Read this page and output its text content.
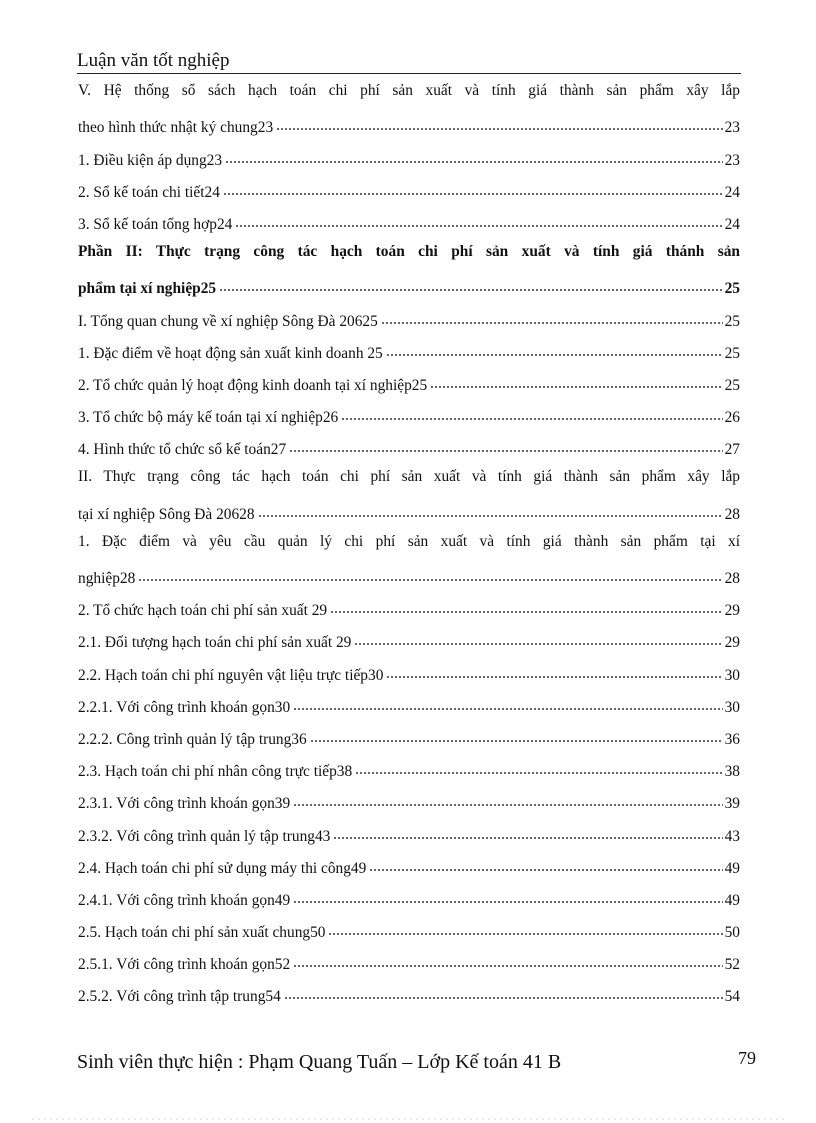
Luận văn tốt nghiệp
V. Hệ thống sổ sách hạch toán chi phí sản xuất và tính giá thành sản phẩm xây lắp
theo hình thức nhật ký chung23	23
1. Điều kiện áp dụng23	23
2. Sổ kế toán chi tiết24	24
3. Sổ kế toán tổng hợp24	24
Phần II: Thực trạng công tác hạch toán chi phí sản xuất và tính giá thánh sản
phẩm tại xí nghiệp25	25
I. Tổng quan chung về xí nghiệp Sông Đà 20625	25
1. Đặc điểm về hoạt động sản xuất kinh doanh 25	25
2. Tổ chức quản lý hoạt động kinh doanh tại xí nghiệp25	25
3. Tổ chức bộ máy kế toán tại xí nghiệp26	26
4. Hình thức tổ chức sổ kế toán27	27
II. Thực trạng công tác hạch toán chi phí sản xuất và tính giá thành sản phẩm xây lắp
tại xí nghiệp Sông Đà 20628	28
1. Đặc điểm và yêu cầu quản lý chi phí sản xuất và tính giá thành sản phẩm tại xí
nghiệp28	28
2. Tổ chức hạch toán chi phí sản xuất 29	29
2.1. Đối tượng hạch toán chi phí sản xuất 29	29
2.2. Hạch toán chi phí nguyên vật liệu trực tiếp30	30
2.2.1. Với công trình khoán gọn30	30
2.2.2. Công trình quản lý tập trung36	36
2.3. Hạch toán chi phí nhân công trực tiếp38	38
2.3.1. Với công trình khoán gọn39	39
2.3.2. Với công trình quản lý tập trung43	43
2.4. Hạch toán chi phí sử dụng máy thi công49	49
2.4.1. Với công trình khoán gọn49	49
2.5. Hạch toán chi phí sản xuất chung50	50
2.5.1. Với công trình khoán gọn52	52
2.5.2. Với công trình tập trung54	54
Sinh viên thực hiện : Phạm Quang Tuấn – Lớp Kế toán 41 B	79
